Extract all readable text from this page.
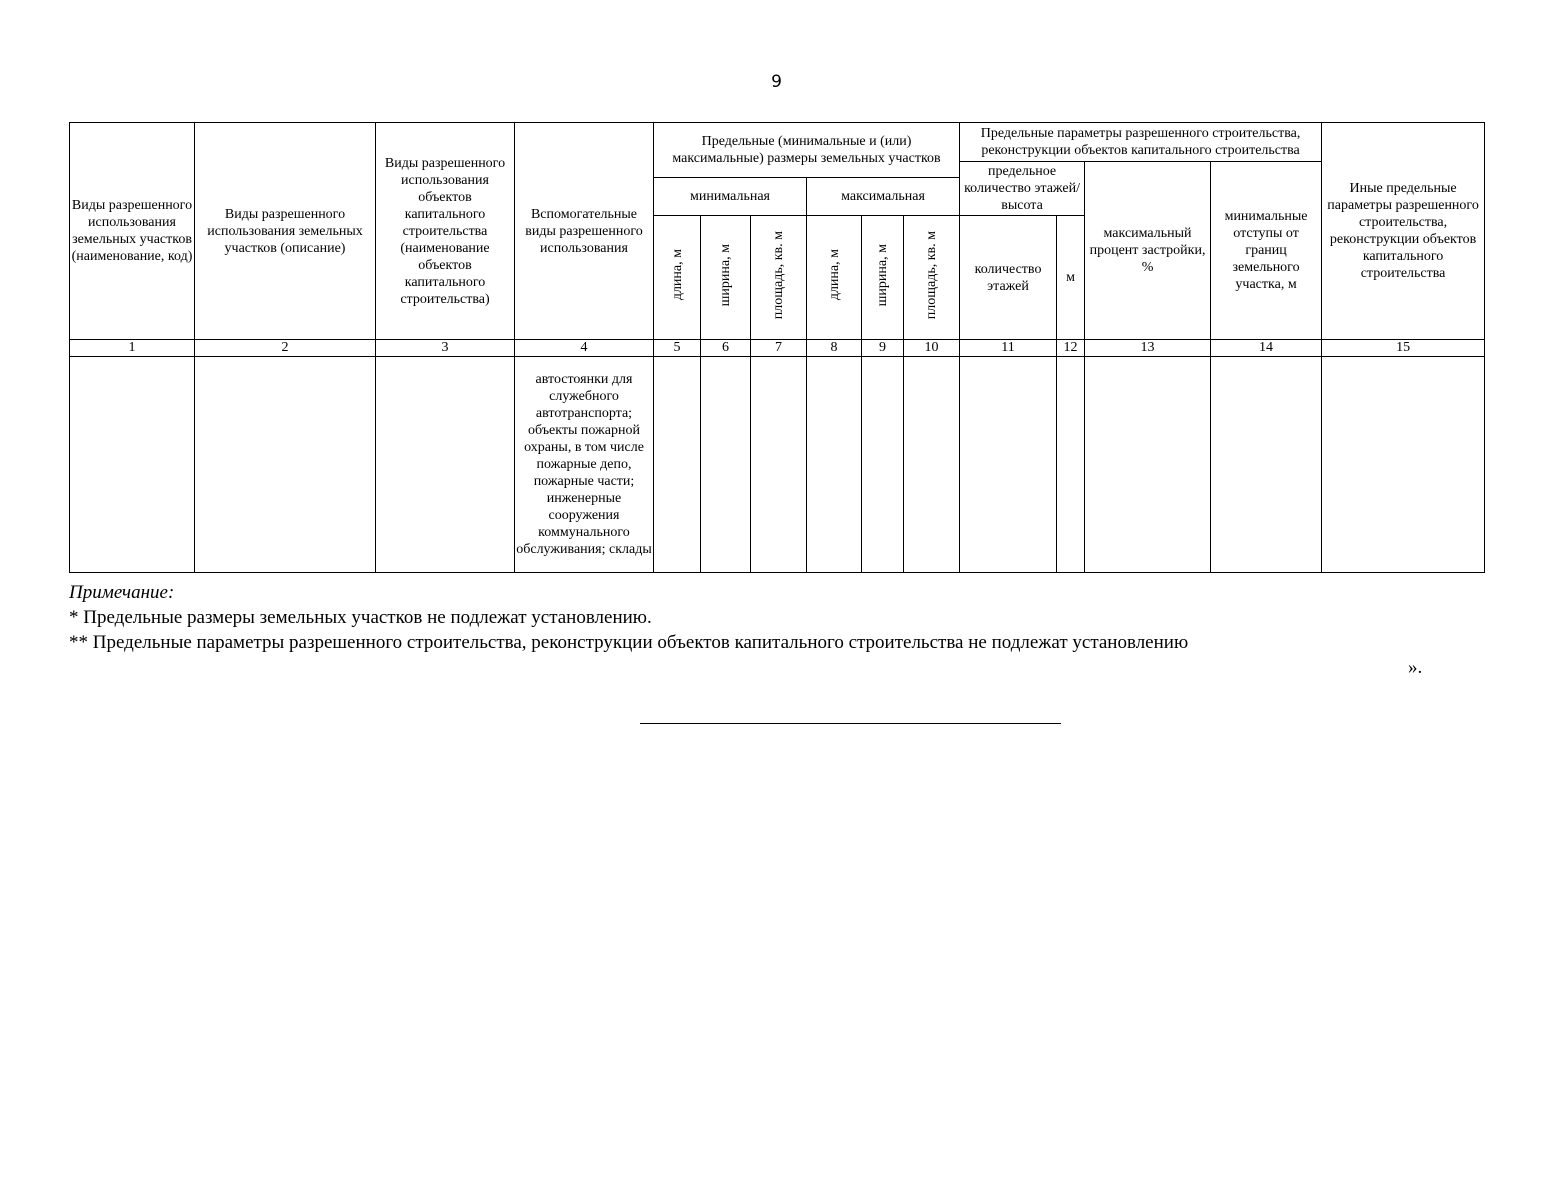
9
Виды разрешенного использования земельных участков (наименование, код)	Виды разрешенного использования земельных участков (описание)	Виды разрешенного использования объектов капитального строительства (наименование объектов капитального строительства)	Вспомогательные виды разрешенного использования	Предельные (минимальные и (или) максимальные) размеры земельных участков						Предельные параметры разрешенного строительства, реконструкции объектов капитального строительства				Иные предельные параметры разрешенного строительства, реконструкции объектов капитального строительства
										предельное количество этажей/высота		максимальный процент застройки, %	минимальные отступы от границ земельного участка, м	
				минимальная			максимальная							
				длина, м	ширина, м	площадь, кв. м	длина, м	ширина, м	площадь, кв. м	количество этажей	м			
1	2	3	4	5	6	7	8	9	10	11	12	13	14	15
			автостоянки для служебного автотранспорта; объекты пожарной охраны, в том числе пожарные депо, пожарные части; инженерные сооружения коммунального обслуживания; склады											
Примечание:
* Предельные размеры земельных участков не подлежат установлению.
** Предельные параметры разрешенного строительства, реконструкции объектов капитального строительства не подлежат установлению
».
